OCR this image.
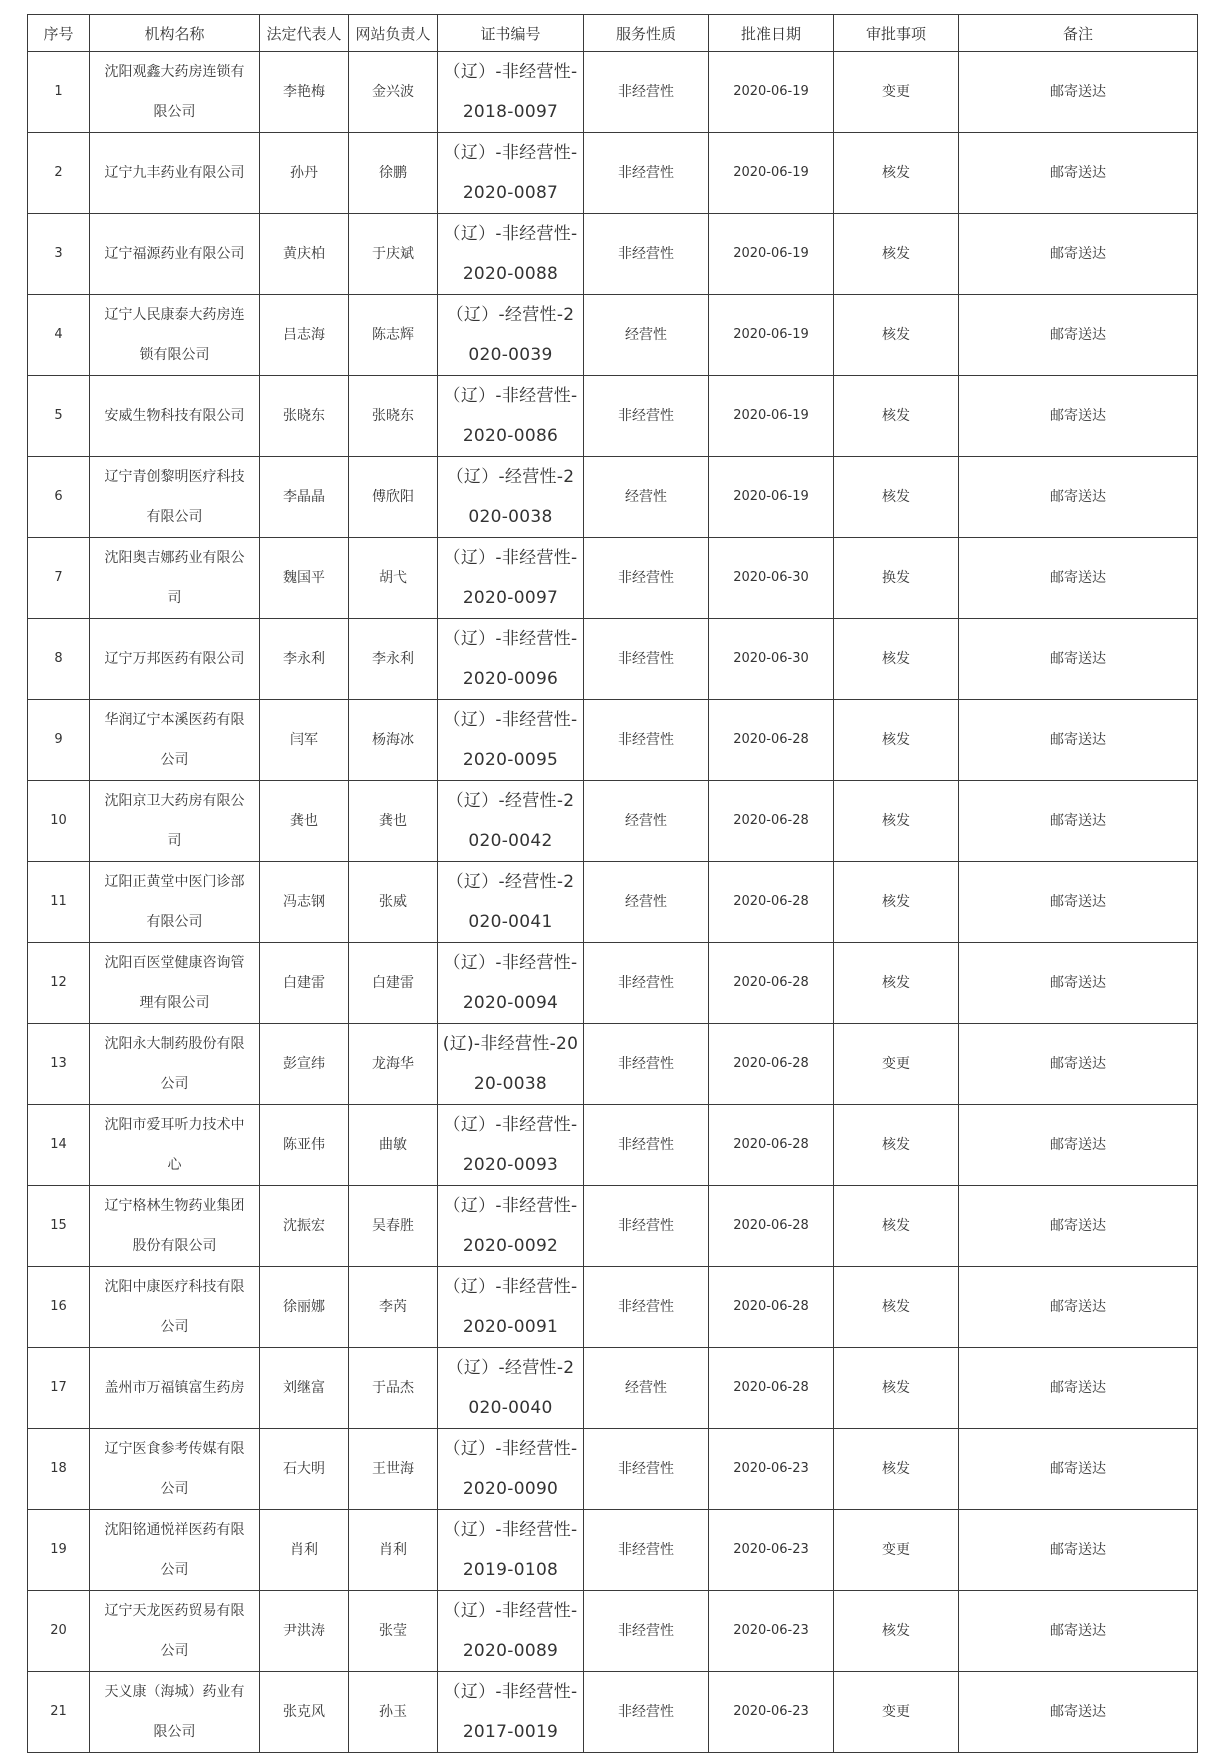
序号	机构名称	法定代表人	网站负责人	证书编号	服务性质	批准日期	审批事项	备注
1	沈阳观鑫大药房连锁有限公司	李艳梅	金兴波	（辽）-非经营性-2018-0097	非经营性	2020-06-19	变更	邮寄送达
2	辽宁九丰药业有限公司	孙丹	徐鹏	（辽）-非经营性-2020-0087	非经营性	2020-06-19	核发	邮寄送达
3	辽宁福源药业有限公司	黄庆柏	于庆斌	（辽）-非经营性-2020-0088	非经营性	2020-06-19	核发	邮寄送达
4	辽宁人民康泰大药房连锁有限公司	吕志海	陈志辉	（辽）-经营性-2020-0039	经营性	2020-06-19	核发	邮寄送达
5	安威生物科技有限公司	张晓东	张晓东	（辽）-非经营性-2020-0086	非经营性	2020-06-19	核发	邮寄送达
6	辽宁青创黎明医疗科技有限公司	李晶晶	傅欣阳	（辽）-经营性-2020-0038	经营性	2020-06-19	核发	邮寄送达
7	沈阳奥吉娜药业有限公司	魏国平	胡弋	（辽）-非经营性-2020-0097	非经营性	2020-06-30	换发	邮寄送达
8	辽宁万邦医药有限公司	李永利	李永利	（辽）-非经营性-2020-0096	非经营性	2020-06-30	核发	邮寄送达
9	华润辽宁本溪医药有限公司	闫军	杨海冰	（辽）-非经营性-2020-0095	非经营性	2020-06-28	核发	邮寄送达
10	沈阳京卫大药房有限公司	龚也	龚也	（辽）-经营性-2020-0042	经营性	2020-06-28	核发	邮寄送达
11	辽阳正黄堂中医门诊部有限公司	冯志钢	张威	（辽）-经营性-2020-0041	经营性	2020-06-28	核发	邮寄送达
12	沈阳百医堂健康咨询管理有限公司	白建雷	白建雷	（辽）-非经营性-2020-0094	非经营性	2020-06-28	核发	邮寄送达
13	沈阳永大制药股份有限公司	彭宣纬	龙海华	(辽)-非经营性-2020-0038	非经营性	2020-06-28	变更	邮寄送达
14	沈阳市爱耳听力技术中心	陈亚伟	曲敏	（辽）-非经营性-2020-0093	非经营性	2020-06-28	核发	邮寄送达
15	辽宁格林生物药业集团股份有限公司	沈振宏	吴春胜	（辽）-非经营性-2020-0092	非经营性	2020-06-28	核发	邮寄送达
16	沈阳中康医疗科技有限公司	徐丽娜	李芮	（辽）-非经营性-2020-0091	非经营性	2020-06-28	核发	邮寄送达
17	盖州市万福镇富生药房	刘继富	于品杰	（辽）-经营性-2020-0040	经营性	2020-06-28	核发	邮寄送达
18	辽宁医食参考传媒有限公司	石大明	王世海	（辽）-非经营性-2020-0090	非经营性	2020-06-23	核发	邮寄送达
19	沈阳铭通悦祥医药有限公司	肖利	肖利	（辽）-非经营性-2019-0108	非经营性	2020-06-23	变更	邮寄送达
20	辽宁天龙医药贸易有限公司	尹洪涛	张莹	（辽）-非经营性-2020-0089	非经营性	2020-06-23	核发	邮寄送达
21	天义康（海城）药业有限公司	张克风	孙玉	（辽）-非经营性-2017-0019	非经营性	2020-06-23	变更	邮寄送达
